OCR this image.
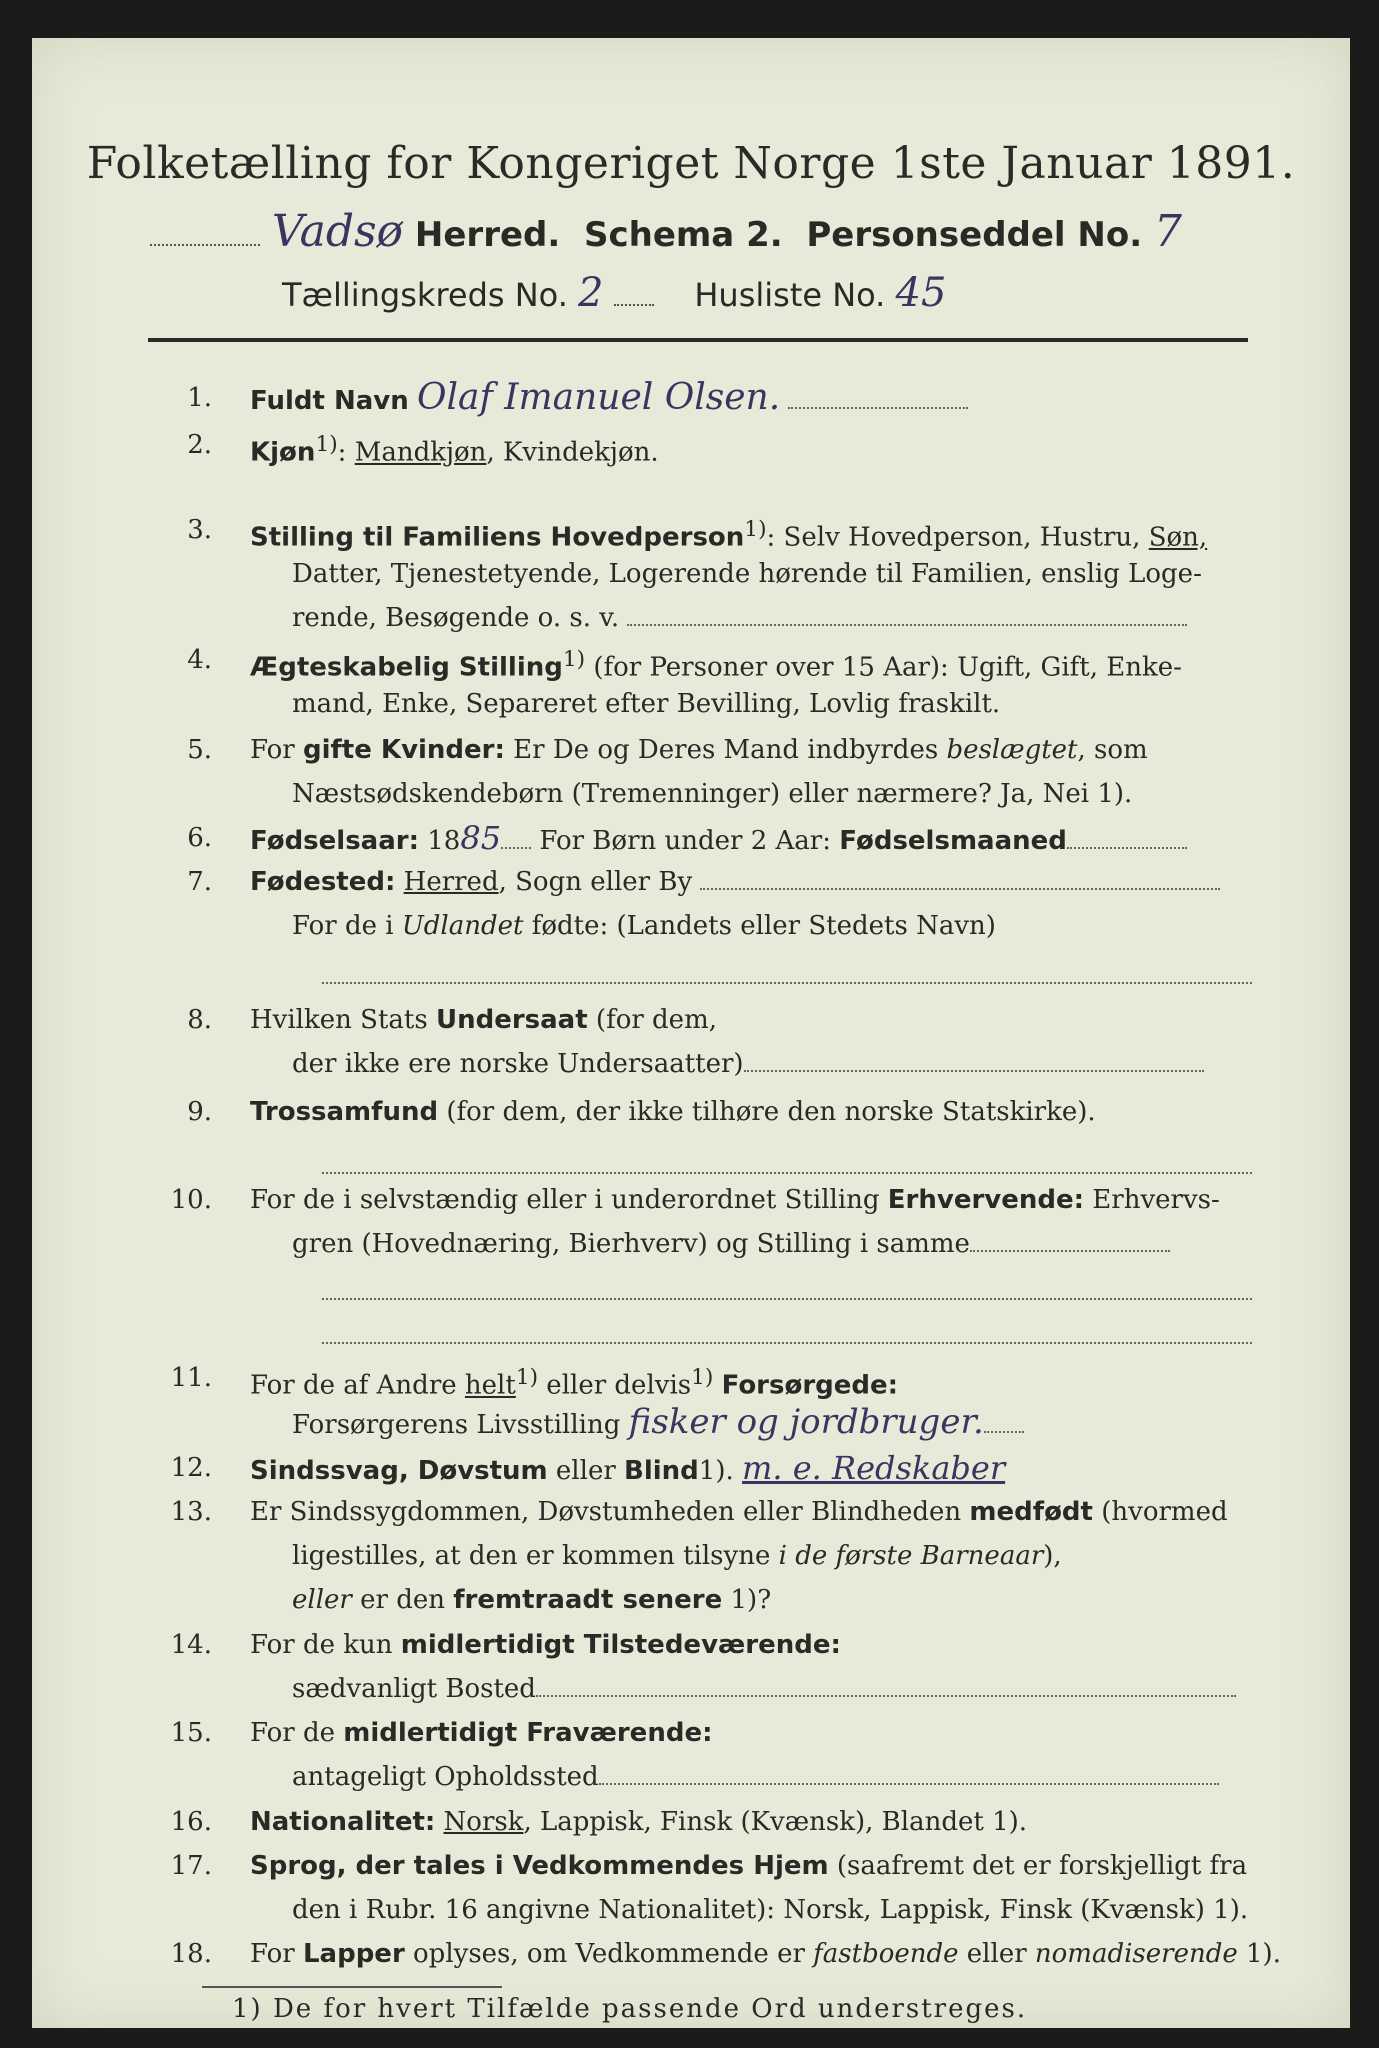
Folketælling for Kongeriget Norge 1ste Januar 1891.
Vadsø Herred. Schema 2. Personseddel No. 7
Tællingskreds No. 2	Husliste No. 45
1. Fuldt Navn Olaf Imanuel Olsen.
2. Kjøn$^{1)}$: Mandkjøn, Kvindekjøn.
3. Stilling til Familiens Hovedperson$^{1)}$: Selv Hovedperson, Hustru, Søn,
Datter, Tjenestetyende, Logerende hørende til Familien, enslig Loge-
rende, Besøgende o. s. v.
4. Ægteskabelig Stilling$^{1)}$ (for Personer over 15 Aar): Ugift, Gift, Enke-
mand, Enke, Separeret efter Bevilling, Lovlig fraskilt.
5. For gifte Kvinder: Er De og Deres Mand indbyrdes beslægtet, som
Næstsødskendebørn (Tremenninger) eller nærmere? Ja, Nei 1).
6. Fødselsaar: 1885 For Børn under 2 Aar: Fødselsmaaned
7. Fødested: Herred, Sogn eller By
For de i Udlandet fødte: (Landets eller Stedets Navn)
8. Hvilken Stats Undersaat (for dem,
der ikke ere norske Undersaatter)
9. Trossamfund (for dem, der ikke tilhøre den norske Statskirke).
10. For de i selvstændig eller i underordnet Stilling Erhvervende: Erhvervs-
gren (Hovednæring, Bierhverv) og Stilling i samme
11. For de af Andre helt$^{1)}$ eller delvis$^{1)}$ Forsørgede:
Forsørgerens Livsstilling fisker og jordbruger.
12. Sindssvag, Døvstum eller Blind1). m. e. Redskaber
13. Er Sindssygdommen, Døvstumheden eller Blindheden medfødt (hvormed
ligestilles, at den er kommen tilsyne i de første Barneaar),
eller er den fremtraadt senere 1)?
14. For de kun midlertidigt Tilstedeværende:
sædvanligt Bosted
15. For de midlertidigt Fraværende:
antageligt Opholdssted
16. Nationalitet: Norsk, Lappisk, Finsk (Kvænsk), Blandet 1).
17. Sprog, der tales i Vedkommendes Hjem (saafremt det er forskjelligt fra
den i Rubr. 16 angivne Nationalitet): Norsk, Lappisk, Finsk (Kvænsk) 1).
18. For Lapper oplyses, om Vedkommende er fastboende eller nomadiserende 1).
1) De for hvert Tilfælde passende Ord understreges.
